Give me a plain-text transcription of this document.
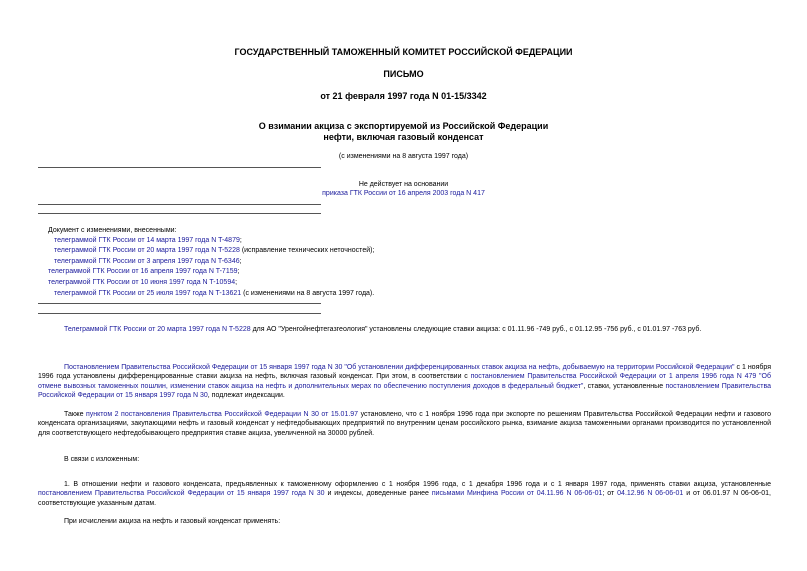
ГОСУДАРСТВЕННЫЙ ТАМОЖЕННЫЙ КОМИТЕТ РОССИЙСКОЙ ФЕДЕРАЦИИ
ПИСЬМО
от 21 февраля 1997 года N 01-15/3342
О взимании акциза с экспортируемой из Российской Федерации
нефти, включая газовый конденсат
(с изменениями на 8 августа 1997 года)
Не действует на основании
приказа ГТК России от 16 апреля 2003 года N 417
Документ с изменениями, внесенными:
телеграммой ГТК России от 14 марта 1997 года N T-4879;
телеграммой ГТК России от 20 марта 1997 года N T-5228 (исправление технических неточностей);
телеграммой ГТК России от 3 апреля 1997 года N T-6346;
телеграммой ГТК России от 16 апреля 1997 года N T-7159;
телеграммой ГТК России от 10 июня 1997 года N T-10594;
телеграммой ГТК России от 25 июля 1997 года N T-13621 (с изменениями на 8 августа 1997 года).
Телеграммой ГТК России от 20 марта 1997 года N T-5228 для АО "Уренгойнефтегазгеология" установлены следующие ставки акциза: с 01.11.96 -749 руб., с 01.12.95 -756 руб., с 01.01.97 -763 руб.
Постановлением Правительства Российской Федерации от 15 января 1997 года N 30 "Об установлении дифференцированных ставок акциза на нефть, добываемую на территории Российской Федерации" с 1 ноября 1996 года установлены дифференцированные ставки акциза на нефть, включая газовый конденсат. При этом, в соответствии с постановлением Правительства Российской Федерации от 1 апреля 1996 года N 479 "Об отмене вывозных таможенных пошлин, изменении ставок акциза на нефть и дополнительных мерах по обеспечению поступления доходов в федеральный бюджет", ставки, установленные постановлением Правительства Российской Федерации от 15 января 1997 года N 30, подлежат индексации.
Также пунктом 2 постановления Правительства Российской Федерации N 30 от 15.01.97 установлено, что с 1 ноября 1996 года при экспорте по решениям Правительства Российской Федерации нефти и газового конденсата организациями, закупающими нефть и газовый конденсат у нефтедобывающих предприятий по внутренним ценам российского рынка, взимание акциза таможенными органами производится по установленной для соответствующего нефтедобывающего предприятия ставке акциза, увеличенной на 30000 рублей.
В связи с изложенным:
1. В отношении нефти и газового конденсата, предъявленных к таможенному оформлению с 1 ноября 1996 года, с 1 декабря 1996 года и с 1 января 1997 года, применять ставки акциза, установленные постановлением Правительства Российской Федерации от 15 января 1997 года N 30 и индексы, доведенные ранее письмами Минфина России от 04.11.96 N 06-06-01; от 04.12.96 N 06-06-01 и от 06.01.97 N 06-06-01, соответствующие указанным датам.
При исчислении акциза на нефть и газовый конденсат применять:
